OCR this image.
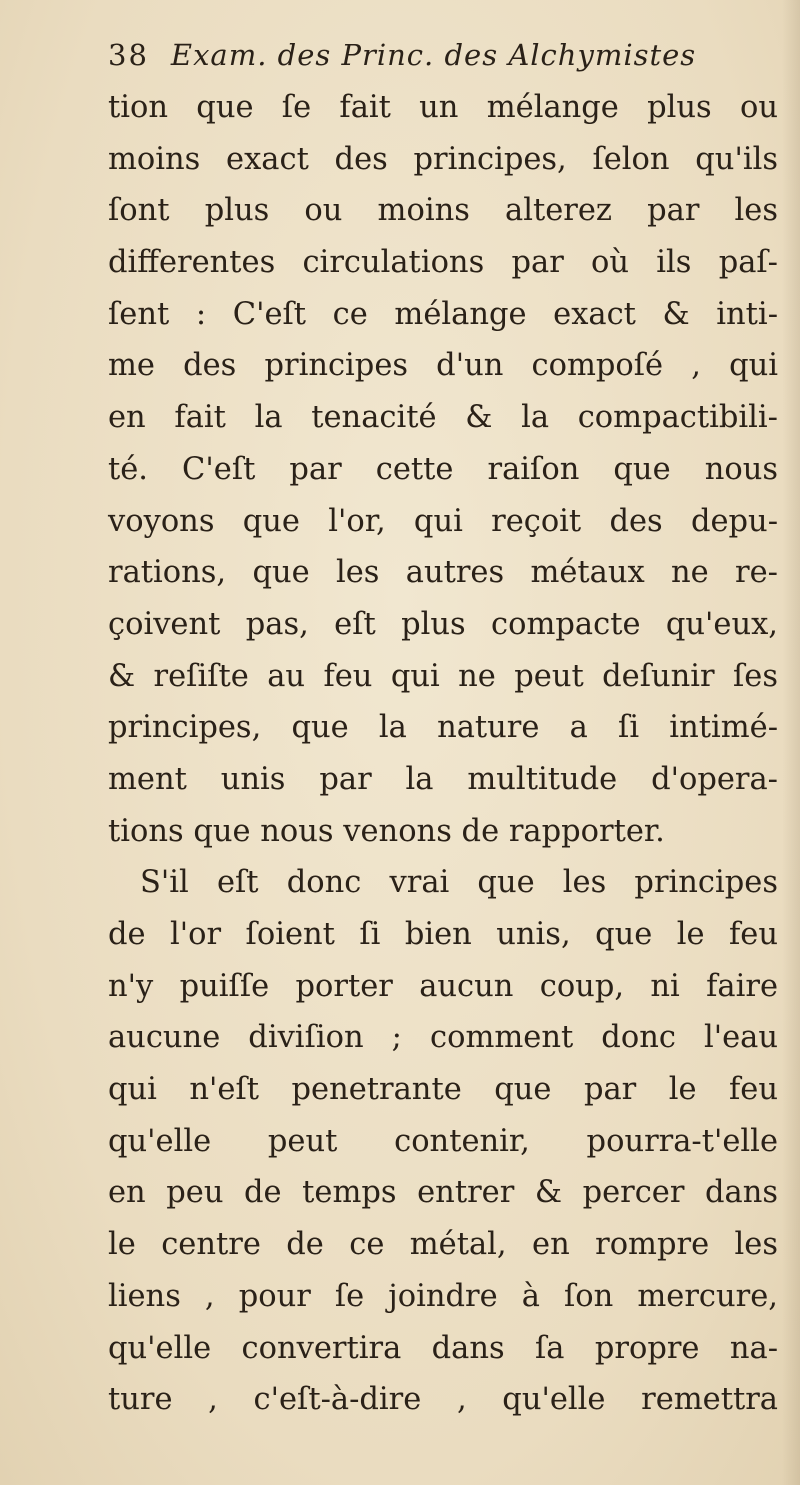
38 Exam. des Princ. des Alchymistes
tion que ſe fait un mélange plus ou
moins exact des principes, ſelon qu'ils
ſont plus ou moins alterez par les
differentes circulations par où ils paſ-
ſent : C'eſt ce mélange exact & inti-
me des principes d'un compoſé , qui
en fait la tenacité & la compactibili-
té. C'eſt par cette raiſon que nous
voyons que l'or, qui reçoit des depu-
rations, que les autres métaux ne re-
çoivent pas, eſt plus compacte qu'eux,
& reſiſte au feu qui ne peut deſunir ſes
principes, que la nature a ſi intimé-
ment unis par la multitude d'opera-
tions que nous venons de rapporter.
S'il eſt donc vrai que les principes
de l'or ſoient ſi bien unis, que le feu
n'y puiſſe porter aucun coup, ni faire
aucune diviſion ; comment donc l'eau
qui n'eſt penetrante que par le feu
qu'elle peut contenir, pourra-t'elle
en peu de temps entrer & percer dans
le centre de ce métal, en rompre les
liens , pour ſe joindre à ſon mercure,
qu'elle convertira dans ſa propre na-
ture , c'eſt-à-dire , qu'elle remettra
